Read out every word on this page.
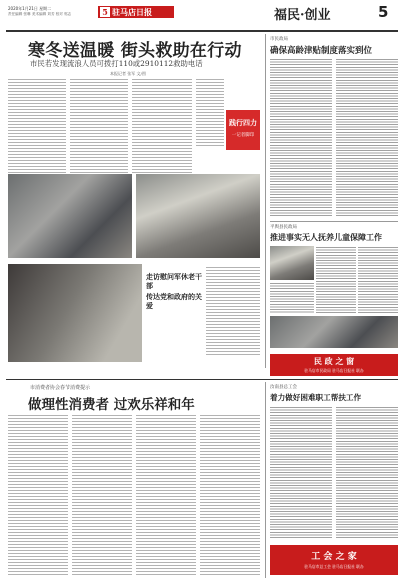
2020年1月21日 星期二
责任编辑 张琳 美术编辑 刘芳 校对 郭志	5 驻马店日报	福民·创业	5
寒冬送温暖 街头救助在行动
市民若发现流浪人员可拨打110或2910112救助电话
本报记者 张军 文/图
践行四力
一记者脚印
走访慰问军休老干部
传达党和政府的关爱
市民政局
确保高龄津贴制度落实到位
平舆县民政局
推进事实无人抚养儿童保障工作
民 政 之 窗
驻马店市民政局 驻马店日报社 联办
市消费者协会春节消费提示
做理性消费者 过欢乐祥和年
汝南县总工会
着力做好困难职工帮扶工作
工 会 之 家
驻马店市总工会 驻马店日报社 联办
